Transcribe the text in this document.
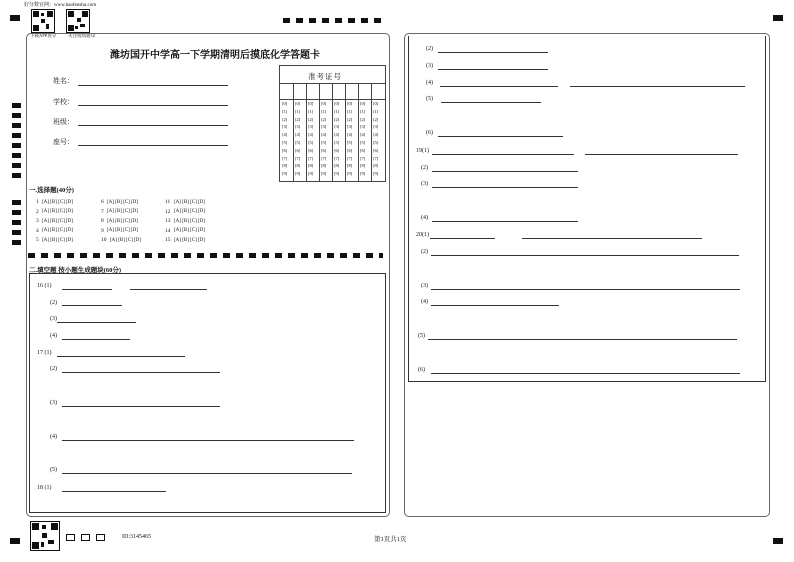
好分数官网：www.haofenshu.com
下载APP查分	关注成绩通知
潍坊国开中学高一下学期清明后摸底化学答题卡
姓名：
学校：
班级：
座号：
准考证号
[0]
[1]
[2]
[3]
[4]
[5]
[6]
[7]
[8]
[9]
[0]
[1]
[2]
[3]
[4]
[5]
[6]
[7]
[8]
[9]
[0]
[1]
[2]
[3]
[4]
[5]
[6]
[7]
[8]
[9]
[0]
[1]
[2]
[3]
[4]
[5]
[6]
[7]
[8]
[9]
[0]
[1]
[2]
[3]
[4]
[5]
[6]
[7]
[8]
[9]
[0]
[1]
[2]
[3]
[4]
[5]
[6]
[7]
[8]
[9]
[0]
[1]
[2]
[3]
[4]
[5]
[6]
[7]
[8]
[9]
[0]
[1]
[2]
[3]
[4]
[5]
[6]
[7]
[8]
[9]
一.选择题(40分)
1 [A] [B] [C] [D]
2 [A] [B] [C] [D]
3 [A] [B] [C] [D]
4 [A] [B] [C] [D]
5 [A] [B] [C] [D]
6 [A] [B] [C] [D]
7 [A] [B] [C] [D]
8 [A] [B] [C] [D]
9 [A] [B] [C] [D]
10 [A] [B] [C] [D]
11 [A] [B] [C] [D]
12 [A] [B] [C] [D]
13 [A] [B] [C] [D]
14 [A] [B] [C] [D]
15 [A] [B] [C] [D]
二.填空题 按小题生成题块(60分)
16 (1)
(2)
(3)
(4)
17 (1)
(2)
(3)
(4)
(5)
18 (1)
(2)
(3)
(4)
(5)
(6)
19(1)
(2)
(3)
(4)
20(1)
(2)
(3)
(4)
(5)
(6)
ID:3145465	第1页共1页
